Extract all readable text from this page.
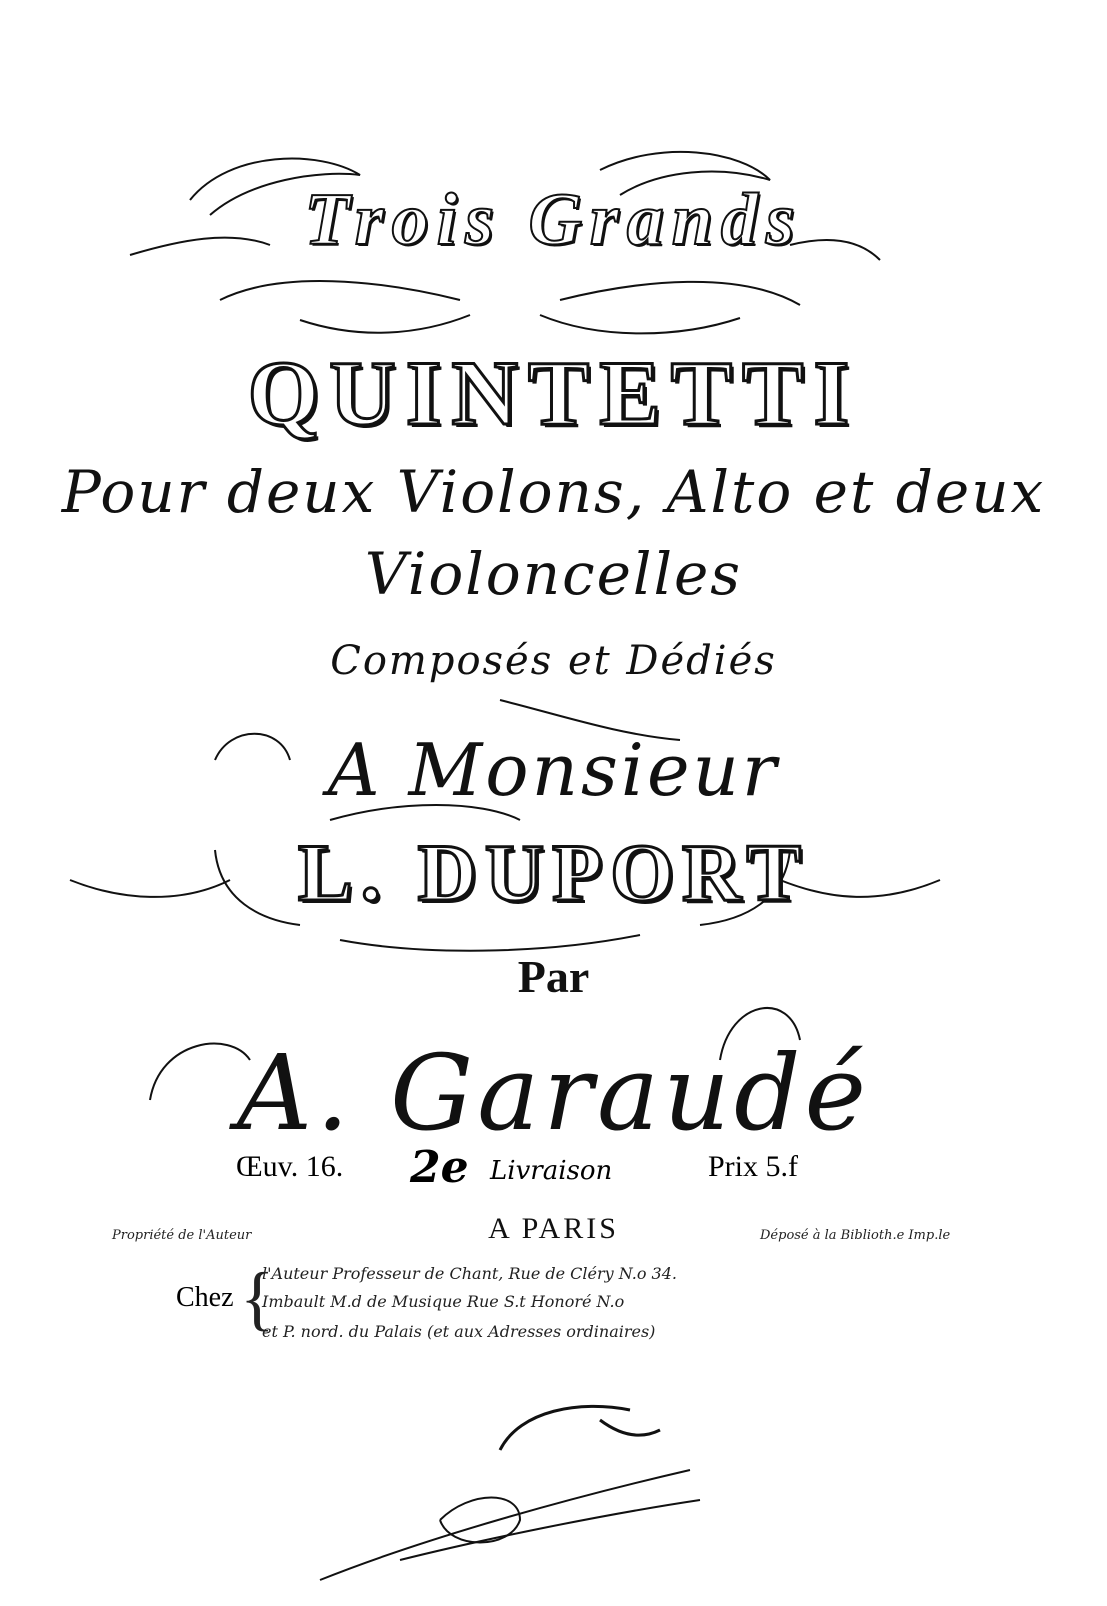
Trois Grands
QUINTETTI
Pour deux Violons, Alto et deux
Violoncelles
Composés et Dédiés
A Monsieur
L. DUPORT
Par
A. Garaudé
Œuv. 16. 2e Livraison	Prix 5.f
Propriété de l'Auteur	A PARIS	Déposé à la Biblioth.e Imp.le
Chez {
l'Auteur Professeur de Chant, Rue de Cléry N.o 34.
Imbault M.d de Musique Rue S.t Honoré N.o
et P. nord. du Palais (et aux Adresses ordinaires)
